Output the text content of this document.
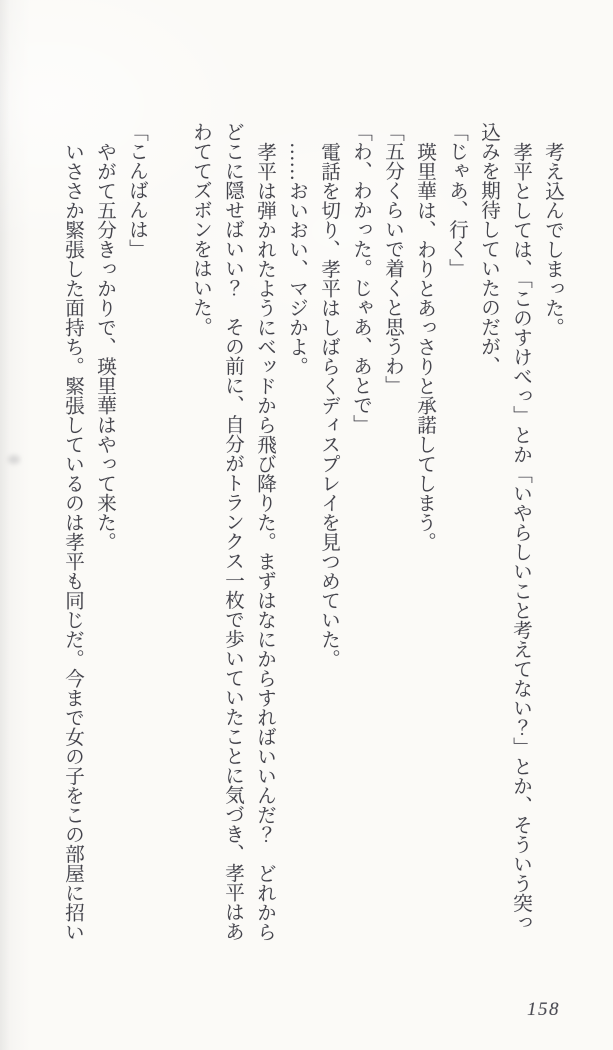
考え込んでしまった。

孝平としては、「このすけべっ」とか「いやらしいこと考えてない？」とか、そういう突っ込みを期待していたのだが、

「じゃあ、行く」

瑛里華は、わりとあっさりと承諾してしまう。

「五分くらいで着くと思うわ」

「わ、わかった。じゃあ、あとで」

電話を切り、孝平はしばらくディスプレイを見つめていた。

……おいおい、マジかよ。

孝平は弾かれたようにベッドから飛び降りた。まずはなにからすればいいんだ？　どれからどこに隠せばいい？　その前に、自分がトランクス一枚で歩いていたことに気づき、孝平はあわててズボンをはいた。

「こんばんは」

やがて五分きっかりで、瑛里華はやって来た。

いささか緊張した面持ち。緊張しているのは孝平も同じだ。今まで女の子をこの部屋に招い

158
